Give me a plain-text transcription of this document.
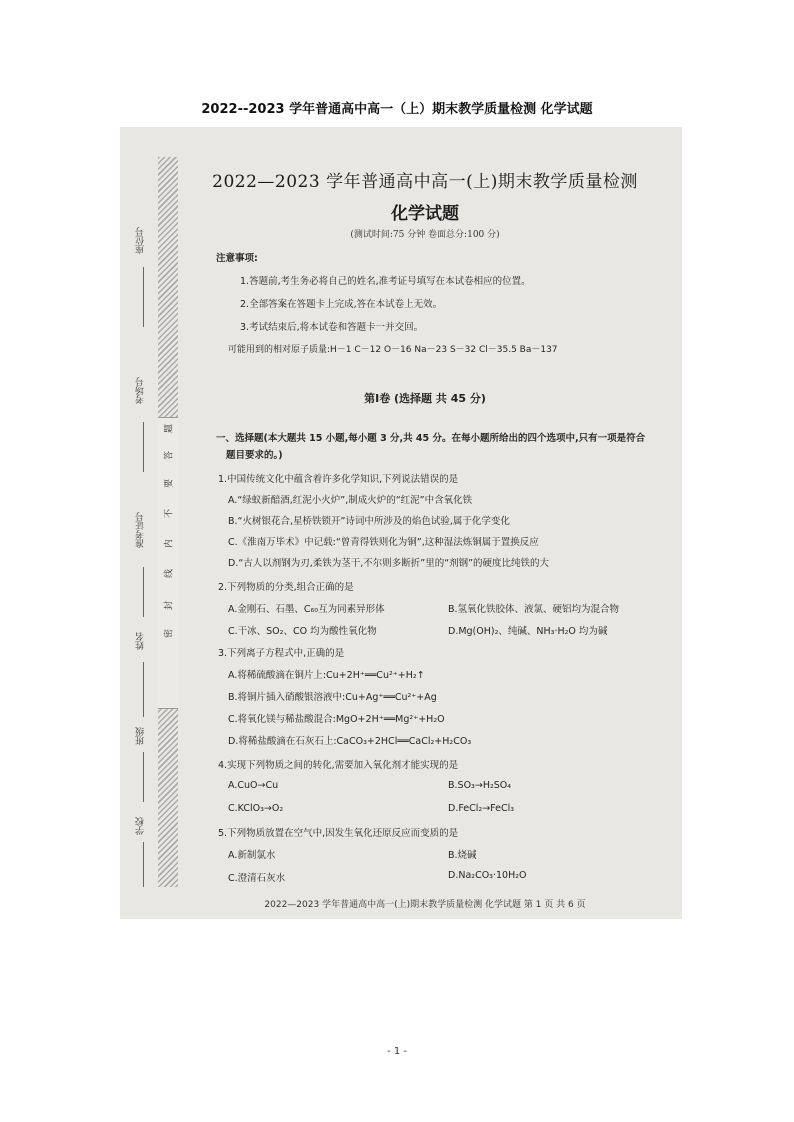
2022--2023 学年普通高中高一（上）期末教学质量检测 化学试题
题
答
要
不
内
线
封
密
座位号
考场号
准考证号
姓名
班级
学校
2022—2023 学年普通高中高一(上)期末教学质量检测
化学试题
(测试时间:75 分钟 卷面总分:100 分)
注意事项:
1.答题前,考生务必将自己的姓名,准考证号填写在本试卷相应的位置。
2.全部答案在答题卡上完成,答在本试卷上无效。
3.考试结束后,将本试卷和答题卡一并交回。
可能用到的相对原子质量:H－1 C－12 O－16 Na－23 S－32 Cl－35.5 Ba－137
第Ⅰ卷 (选择题 共 45 分)
一、选择题(本大题共 15 小题,每小题 3 分,共 45 分。在每小题所给出的四个选项中,只有一项是符合
题目要求的。)
1.中国传统文化中蕴含着许多化学知识,下列说法错误的是
A.“绿蚁新醅酒,红泥小火炉”,制成火炉的“红泥”中含氧化铁
B.“火树银花合,星桥铁锁开”诗词中所涉及的焰色试验,属于化学变化
C.《淮南万毕术》中记载:“曾青得铁则化为铜”,这种湿法炼铜属于置换反应
D.“古人以剂钢为刃,柔铁为茎干,不尔则多断折”里的“剂钢”的硬度比纯铁的大
2.下列物质的分类,组合正确的是
A.金刚石、石墨、C₆₀互为同素异形体	B.氢氧化铁胶体、液氯、硬铝均为混合物
C.干冰、SO₂、CO 均为酸性氧化物	D.Mg(OH)₂、纯碱、NH₃·H₂O 均为碱
3.下列离子方程式中,正确的是
A.将稀硫酸滴在铜片上:Cu+2H⁺══Cu²⁺+H₂↑
B.将铜片插入硝酸银溶液中:Cu+Ag⁺══Cu²⁺+Ag
C.将氧化镁与稀盐酸混合:MgO+2H⁺══Mg²⁺+H₂O
D.将稀盐酸滴在石灰石上:CaCO₃+2HCl══CaCl₂+H₂CO₃
4.实现下列物质之间的转化,需要加入氧化剂才能实现的是
A.CuO→Cu	B.SO₃→H₂SO₄
C.KClO₃→O₂	D.FeCl₂→FeCl₃
5.下列物质放置在空气中,因发生氧化还原反应而变质的是
A.新制氯水	B.烧碱
C.澄清石灰水	D.Na₂CO₃·10H₂O
2022—2023 学年普通高中高一(上)期末教学质量检测 化学试题 第 1 页 共 6 页
- 1 -
